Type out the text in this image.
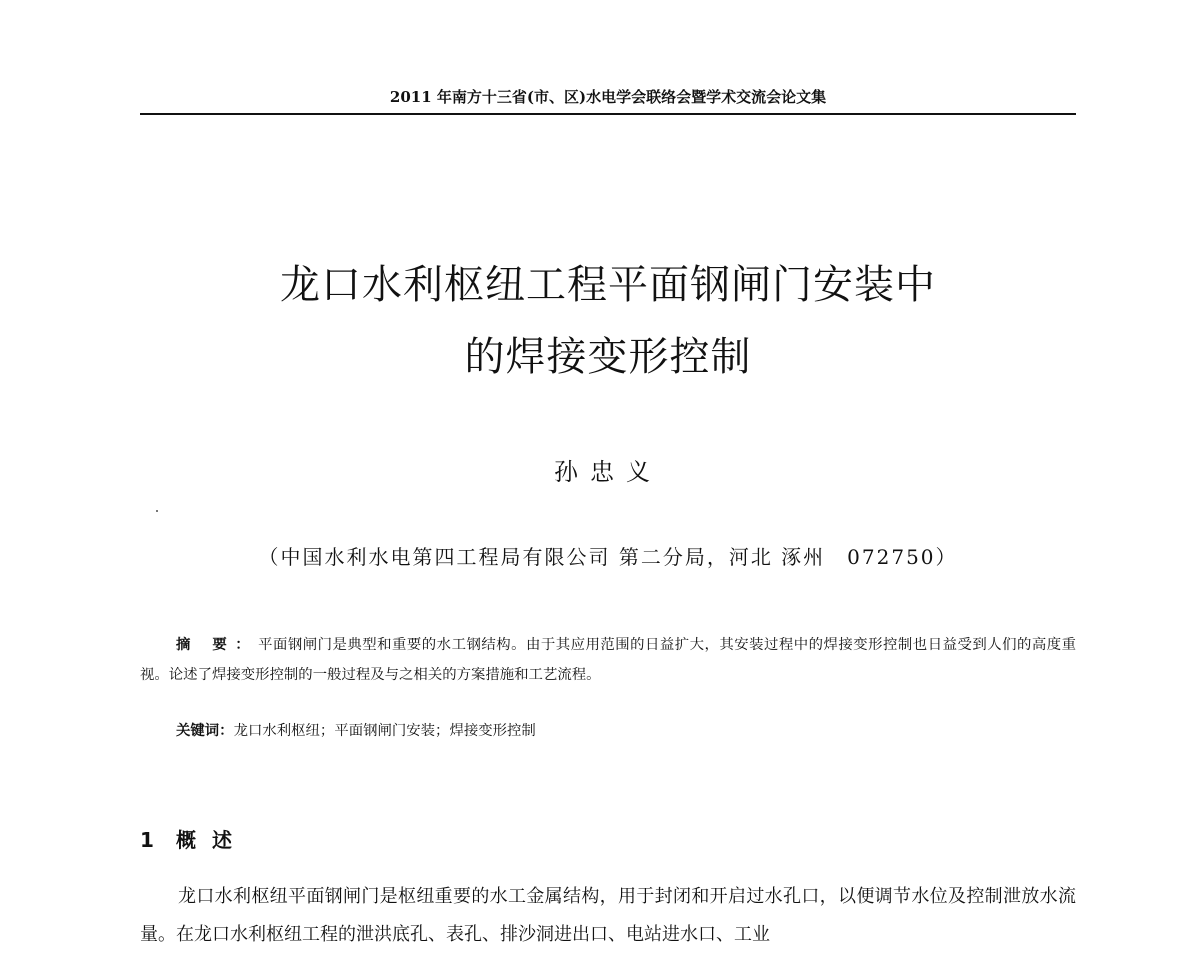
2011 年南方十三省(市、区)水电学会联络会暨学术交流会论文集
龙口水利枢纽工程平面钢闸门安装中
的焊接变形控制
孙忠义
（中国水利水电第四工程局有限公司 第二分局，河北 涿州　072750）
摘 要：平面钢闸门是典型和重要的水工钢结构。由于其应用范围的日益扩大，其安装过程中的焊接变形控制也日益受到人们的高度重视。论述了焊接变形控制的一般过程及与之相关的方案措施和工艺流程。
关键词：龙口水利枢纽；平面钢闸门安装；焊接变形控制
1 概述
龙口水利枢纽平面钢闸门是枢纽重要的水工金属结构，用于封闭和开启过水孔口，以便调节水位及控制泄放水流量。在龙口水利枢纽工程的泄洪底孔、表孔、排沙洞进出口、电站进水口、工业
